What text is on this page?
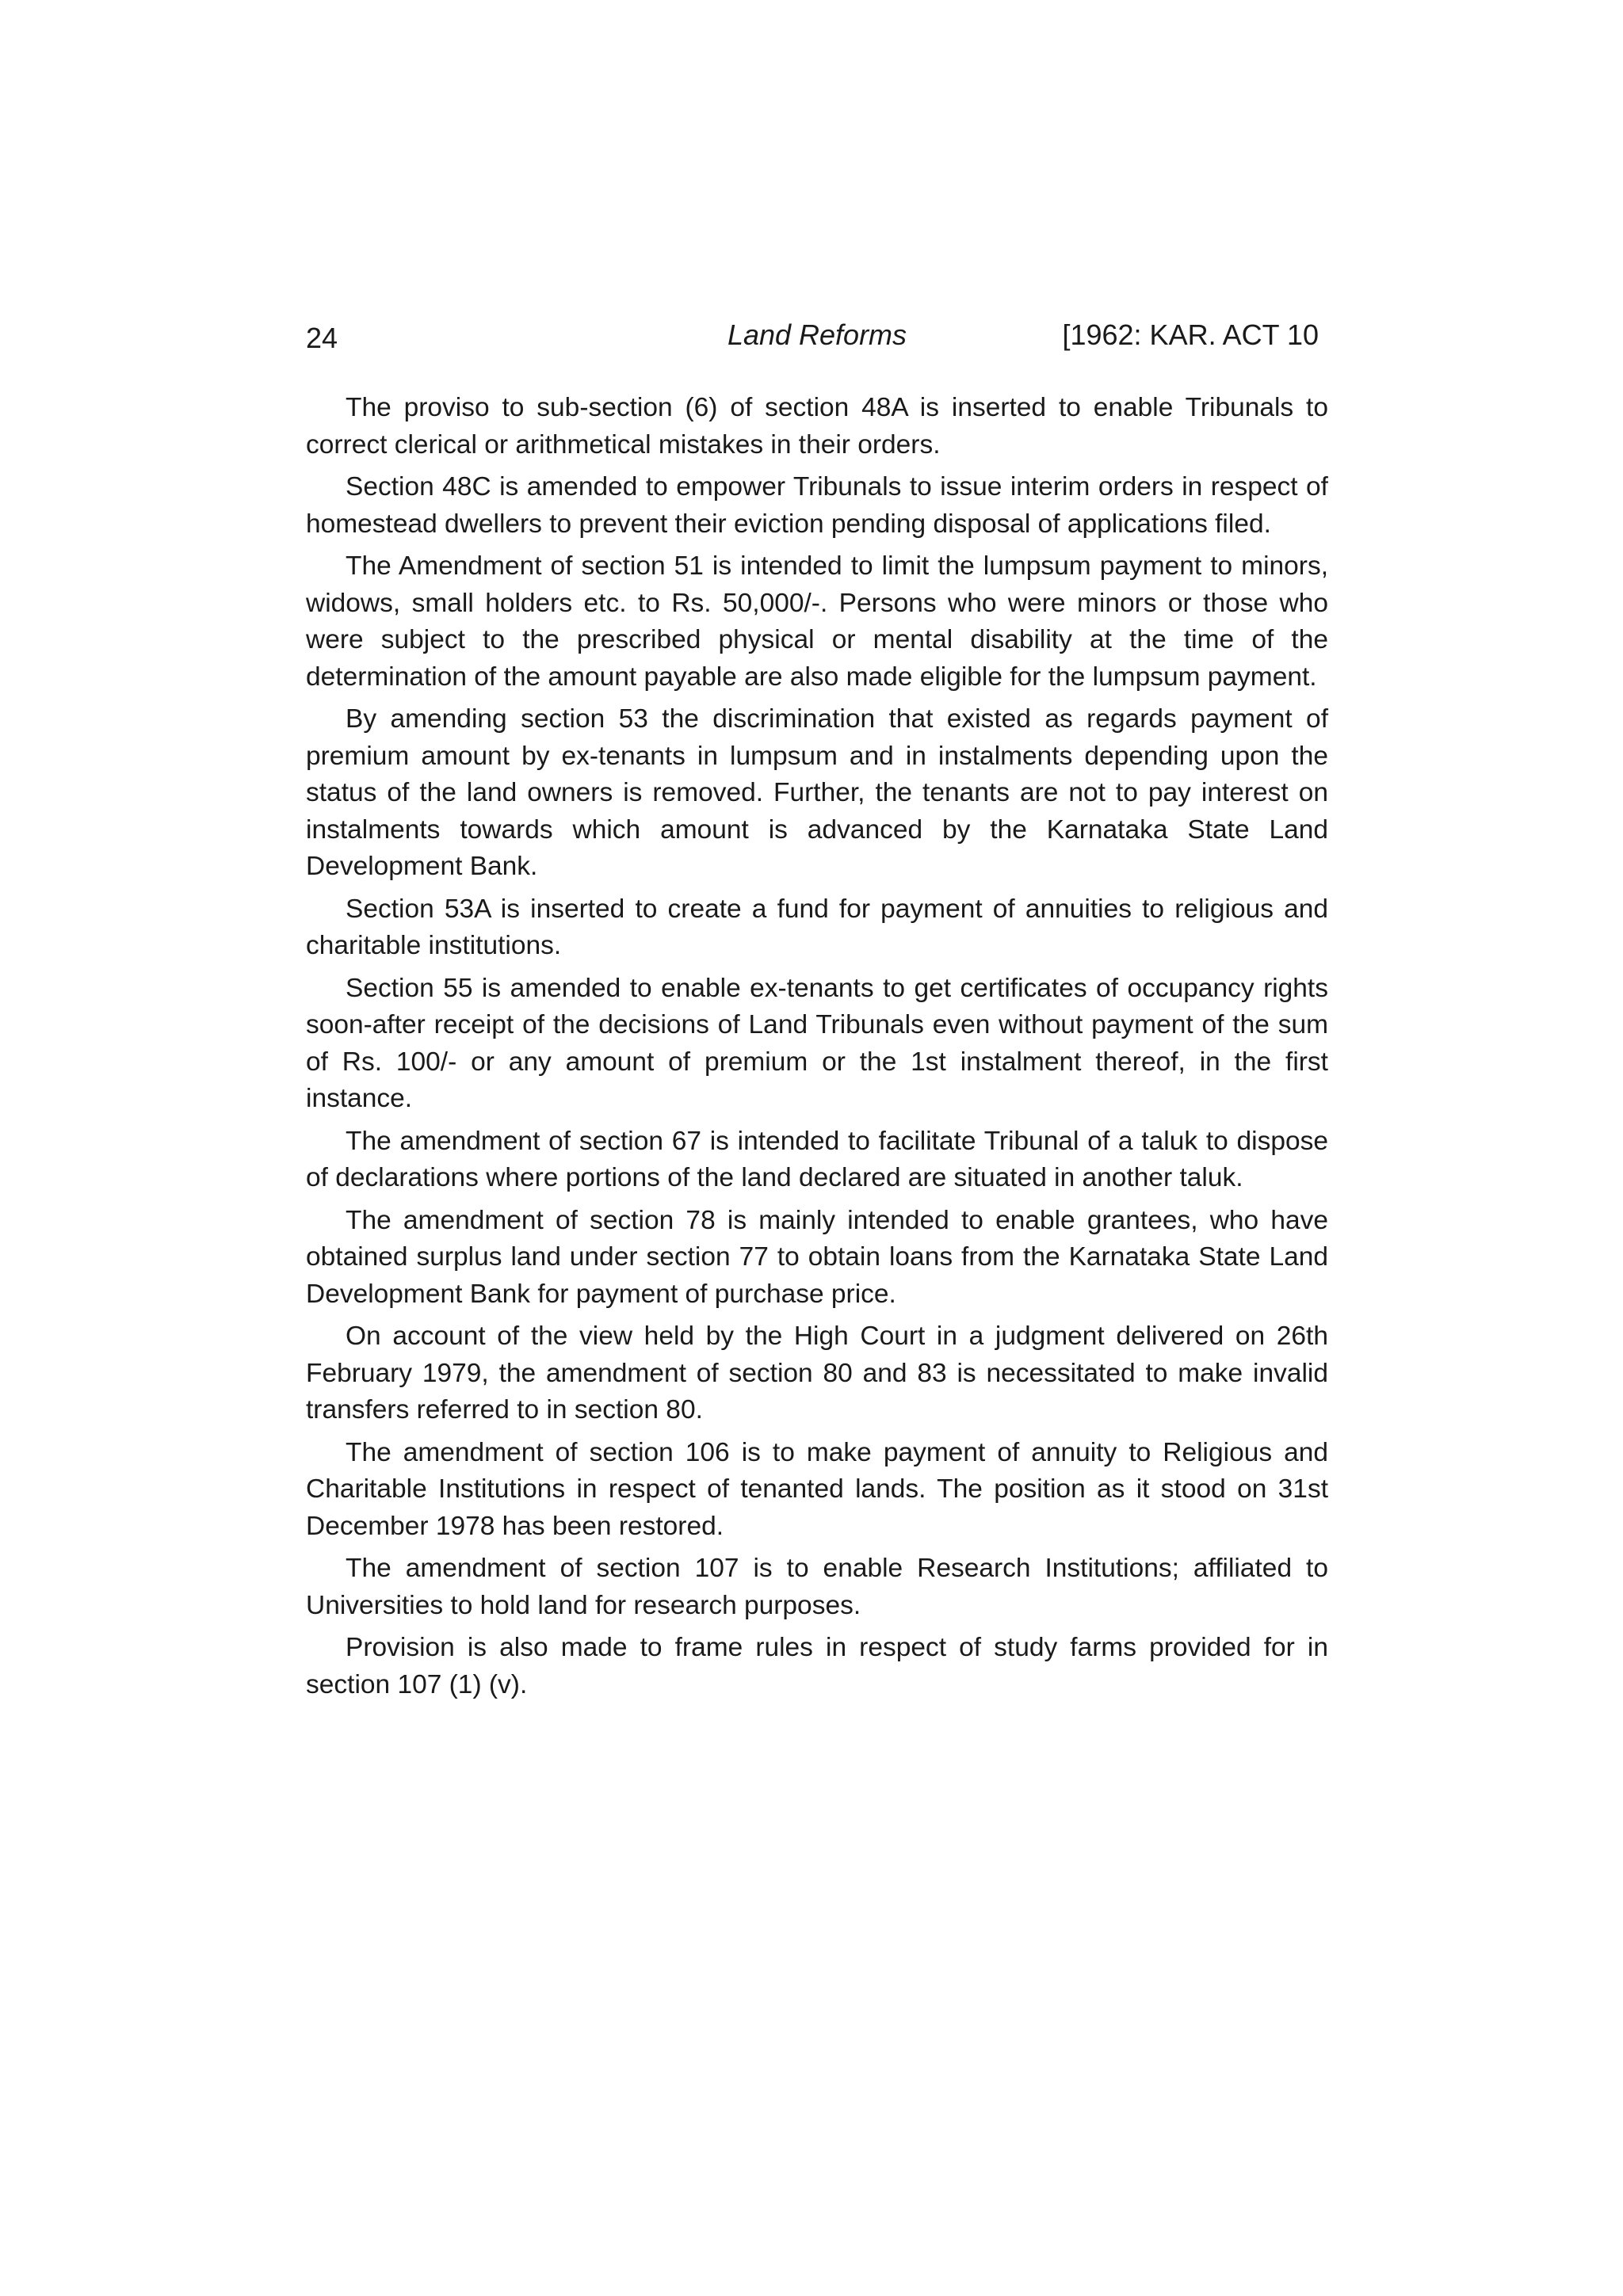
24	Land Reforms	[1962: KAR. ACT 10

The proviso to sub-section (6) of section 48A is inserted to enable Tribunals to correct clerical or arithmetical mistakes in their orders.

Section 48C is amended to empower Tribunals to issue interim orders in respect of homestead dwellers to prevent their eviction pending disposal of applications filed.

The Amendment of section 51 is intended to limit the lumpsum payment to minors, widows, small holders etc. to Rs. 50,000/-. Persons who were minors or those who were subject to the prescribed physical or mental disability at the time of the determination of the amount payable are also made eligible for the lumpsum payment.

By amending section 53 the discrimination that existed as regards payment of premium amount by ex-tenants in lumpsum and in instalments depending upon the status of the land owners is removed. Further, the tenants are not to pay interest on instalments towards which amount is advanced by the Karnataka State Land Development Bank.

Section 53A is inserted to create a fund for payment of annuities to religious and charitable institutions.

Section 55 is amended to enable ex-tenants to get certificates of occupancy rights soon-after receipt of the decisions of Land Tribunals even without payment of the sum of Rs. 100/- or any amount of premium or the 1st instalment thereof, in the first instance.

The amendment of section 67 is intended to facilitate Tribunal of a taluk to dispose of declarations where portions of the land declared are situated in another taluk.

The amendment of section 78 is mainly intended to enable grantees, who have obtained surplus land under section 77 to obtain loans from the Karnataka State Land Development Bank for payment of purchase price.

On account of the view held by the High Court in a judgment delivered on 26th February 1979, the amendment of section 80 and 83 is necessitated to make invalid transfers referred to in section 80.

The amendment of section 106 is to make payment of annuity to Religious and Charitable Institutions in respect of tenanted lands. The position as it stood on 31st December 1978 has been restored.

The amendment of section 107 is to enable Research Institutions; affiliated to Universities to hold land for research purposes.

Provision is also made to frame rules in respect of study farms provided for in section 107 (1) (v).
